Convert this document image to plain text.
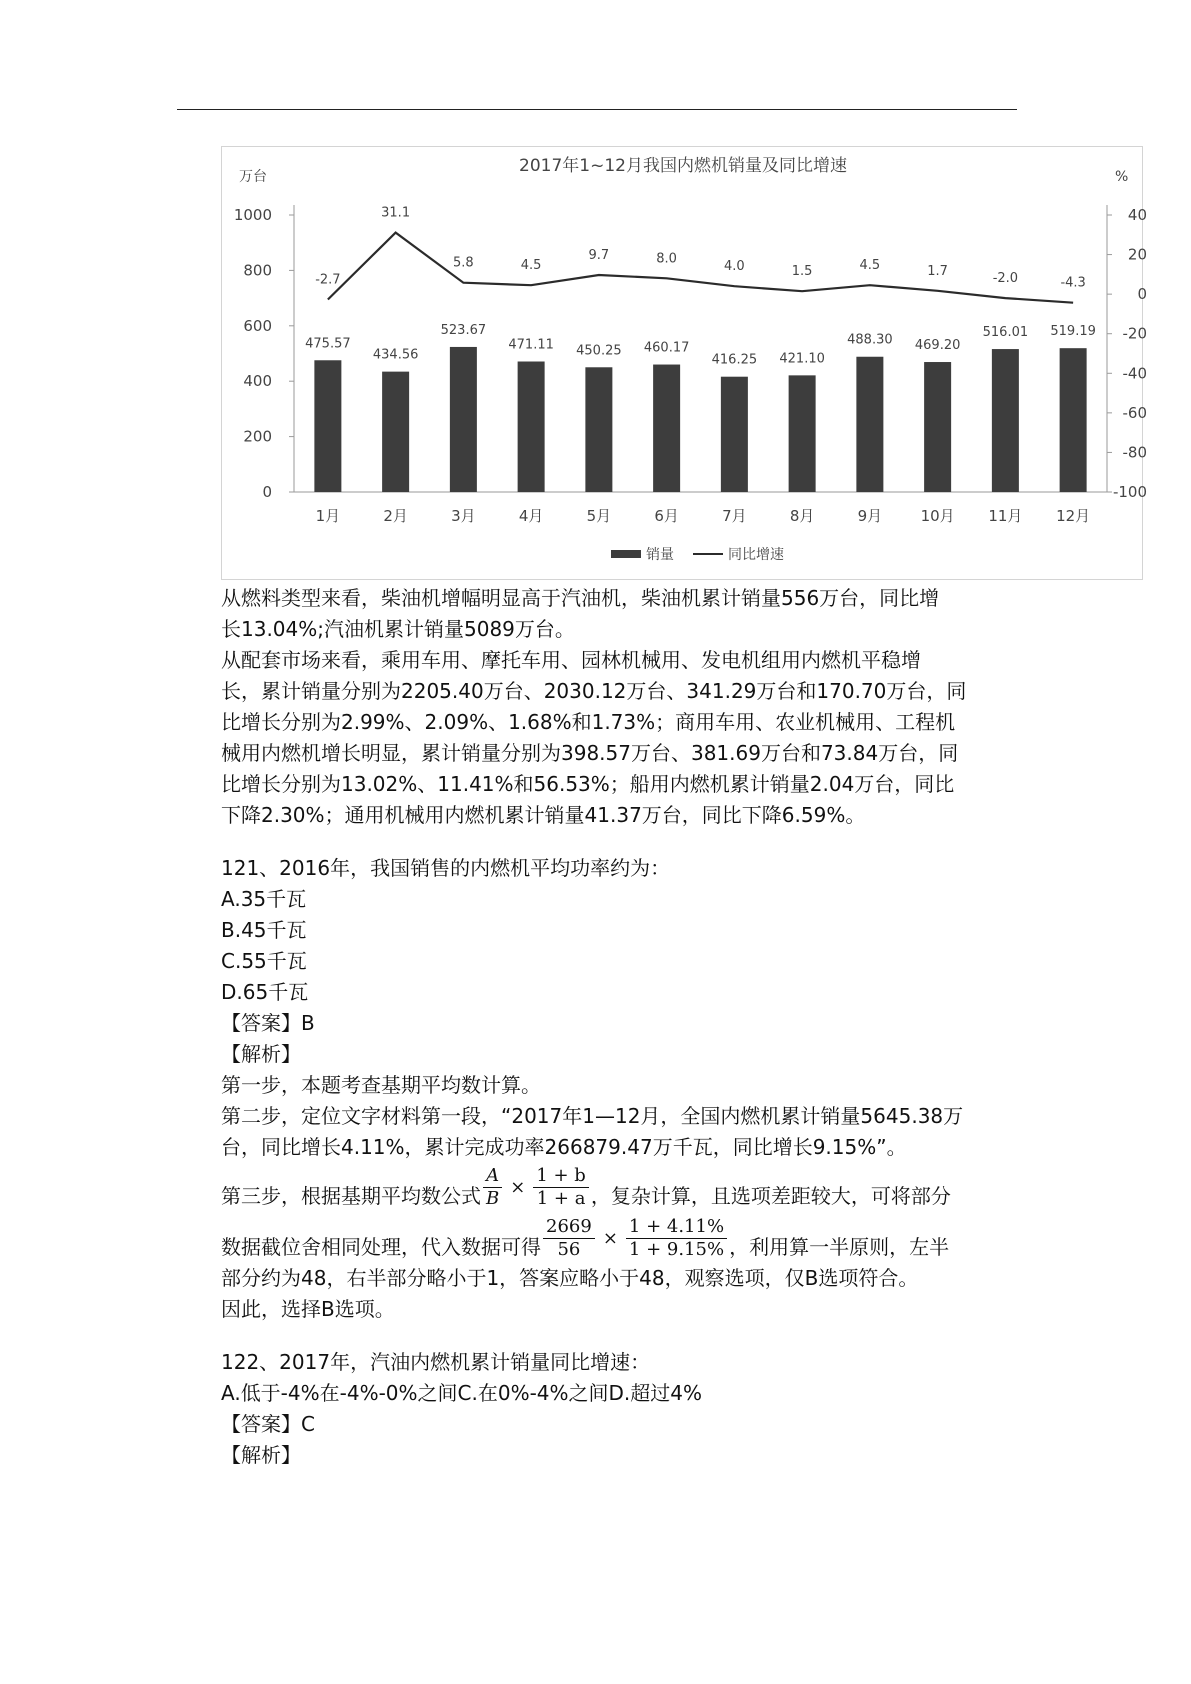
2017年1~12月我国内燃机销量及同比增速
万台	%
0
200
400
600
800
1000
-100
-80
-60
-40
-20
0
20
40
475.57
434.56
523.67
471.11 450.25 460.17
416.25 421.10
488.30 469.20
516.01 519.19
1月	2月	3月	4月	5月	6月	7月	8月	9月	10月 11月 12月
-2.7
31.1
5.8	4.5
9.7	8.0
4.0	1.5	4.5	1.7	-2.0	-4.3
销量	同比增速

从燃料类型来看，柴油机增幅明显高于汽油机，柴油机累计销量556万台，同比增

长13.04%;汽油机累计销量5089万台。

从配套市场来看，乘用车用、摩托车用、园林机械用、发电机组用内燃机平稳增

长，累计销量分别为2205.40万台、2030.12万台、341.29万台和170.70万台，同

比增长分别为2.99%、2.09%、1.68%和1.73%；商用车用、农业机械用、工程机

械用内燃机增长明显，累计销量分别为398.57万台、381.69万台和73.84万台，同

比增长分别为13.02%、11.41%和56.53%；船用内燃机累计销量2.04万台，同比

下降2.30%；通用机械用内燃机累计销量41.37万台，同比下降6.59%。

121、2016年，我国销售的内燃机平均功率约为：

A.35千瓦

B.45千瓦

C.55千瓦

D.65千瓦

【答案】B

【解析】

第一步，本题考查基期平均数计算。

第二步，定位文字材料第一段，“2017年1—12月，全国内燃机累计销量5645.38万

台，同比增长4.11%，累计完成功率266879.47万千瓦，同比增长9.15%”。

第三步，根据基期平均数公式 $\frac{A}{B} \times \frac{1 + b}{1 + a}$ ，复杂计算，且选项差距较大，可将部分

数据截位舍相同处理，代入数据可得 $\frac{2669}{56} \times \frac{1 + 4.11\%}{1 + 9.15\%}$ ，利用算一半原则，左半

部分约为48，右半部分略小于1，答案应略小于48，观察选项，仅B选项符合。

因此，选择B选项。

122、2017年，汽油内燃机累计销量同比增速：

A.低于-4%在-4%-0%之间C.在0%-4%之间D.超过4%

【答案】C

【解析】
